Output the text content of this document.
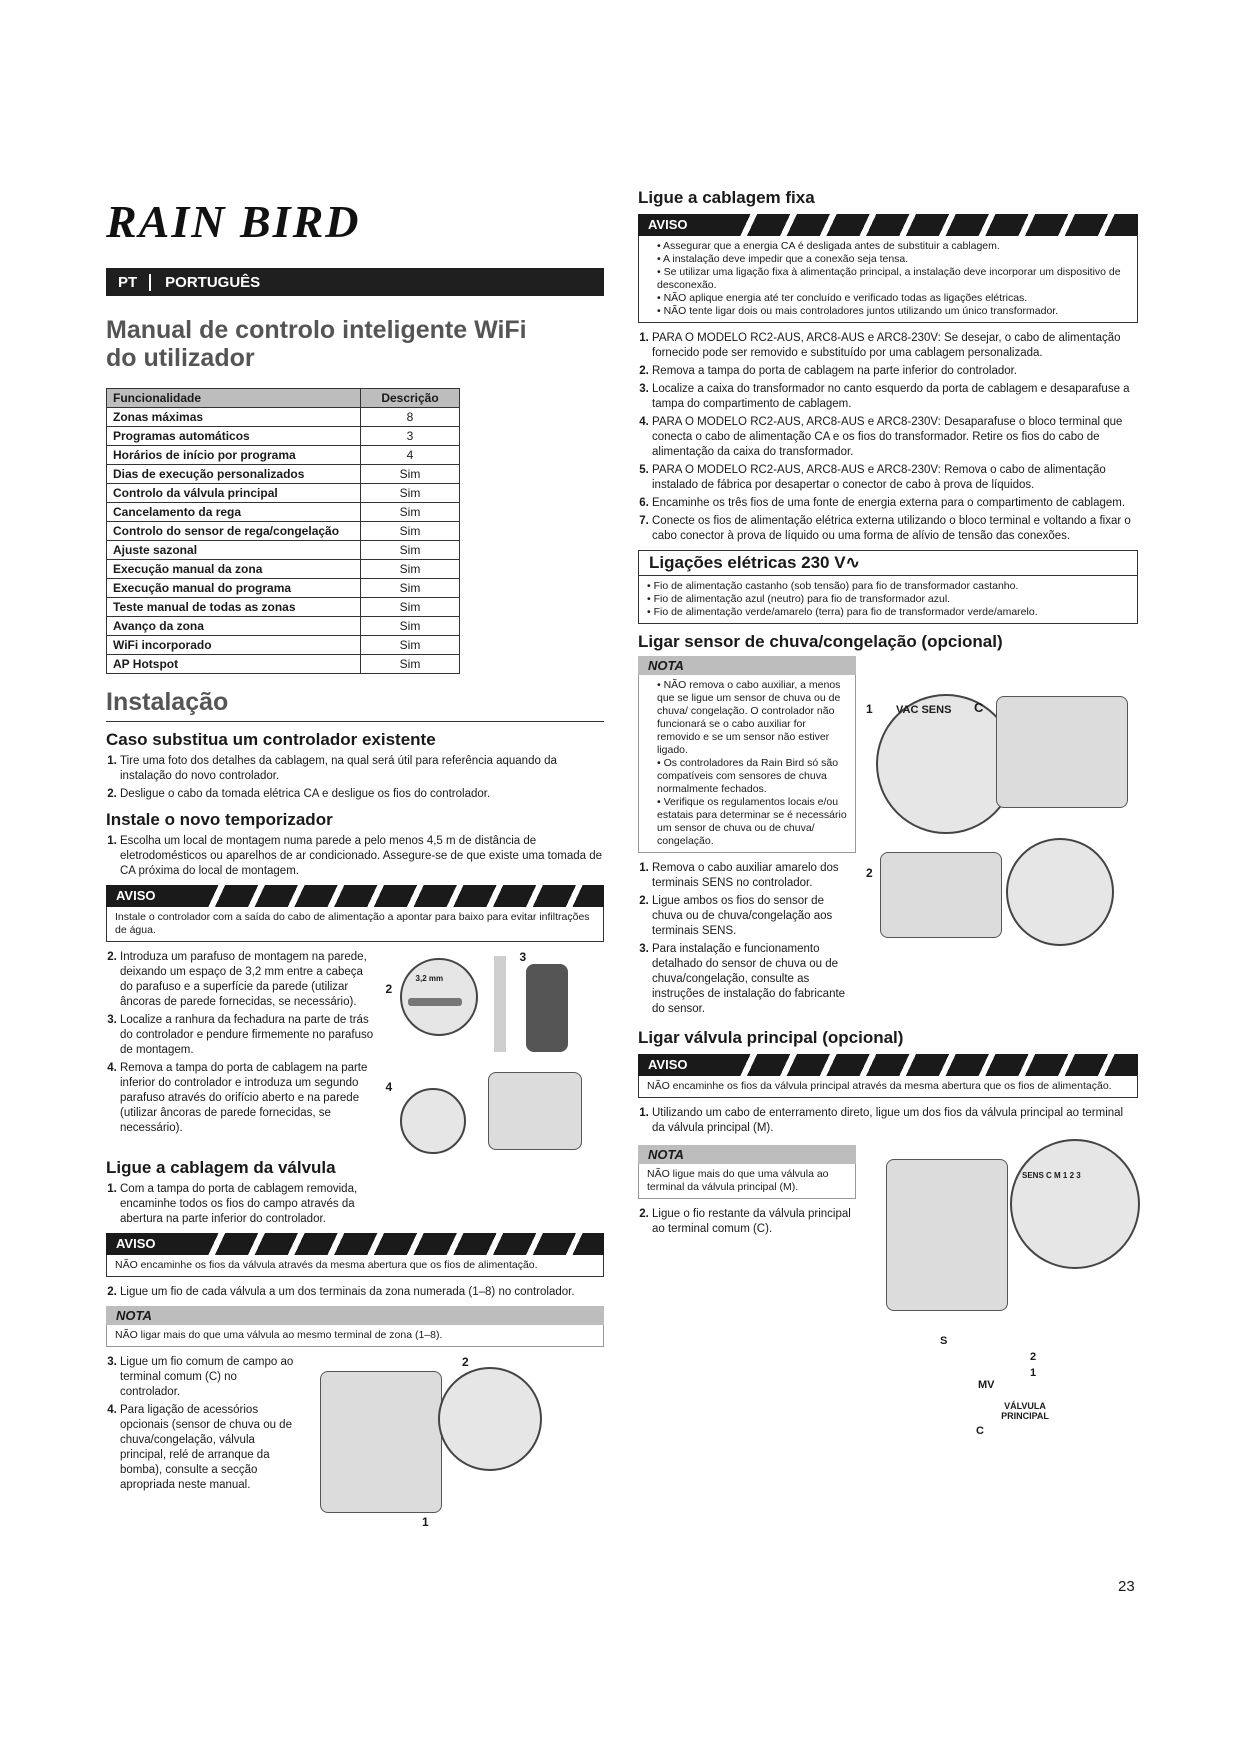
RAIN BIRD
PT	PORTUGUÊS
Manual de controlo inteligente WiFi
do utilizador
Funcionalidade	Descrição
Zonas máximas	8
Programas automáticos	3
Horários de início por programa	4
Dias de execução personalizados	Sim
Controlo da válvula principal	Sim
Cancelamento da rega	Sim
Controlo do sensor de rega/congelação	Sim
Ajuste sazonal	Sim
Execução manual da zona	Sim
Execução manual do programa	Sim
Teste manual de todas as zonas	Sim
Avanço da zona	Sim
WiFi incorporado	Sim
AP Hotspot	Sim
Instalação
Caso substitua um controlador existente
1. Tire uma foto dos detalhes da cablagem, na qual será útil para referência aquando da instalação do novo controlador.
2. Desligue o cabo da tomada elétrica CA e desligue os fios do controlador.
Instale o novo temporizador
1. Escolha um local de montagem numa parede a pelo menos 4,5 m de distância de eletrodomésticos ou aparelhos de ar condicionado. Assegure-se de que existe uma tomada de CA próxima do local de montagem.
AVISO
Instale o controlador com a saída do cabo de alimentação a apontar para baixo para evitar infiltrações de água.
2. Introduza um parafuso de montagem na parede, deixando um espaço de 3,2 mm entre a cabeça do parafuso e a superfície da parede (utilizar âncoras de parede fornecidas, se necessário).
3. Localize a ranhura da fechadura na parte de trás do controlador e pendure firmemente no parafuso de montagem.
4. Remova a tampa do porta de cablagem na parte inferior do controlador e introduza um segundo parafuso através do orifício aberto e na parede (utilizar âncoras de parede fornecidas, se necessário).
2
3,2 mm
3
4
Ligue a cablagem da válvula
1. Com a tampa do porta de cablagem removida, encaminhe todos os fios do campo através da abertura na parte inferior do controlador.
AVISO
NÃO encaminhe os fios da válvula através da mesma abertura que os fios de alimentação.
2. Ligue um fio de cada válvula a um dos terminais da zona numerada (1–8) no controlador.
NOTA
NÃO ligar mais do que uma válvula ao mesmo terminal de zona (1–8).
3. Ligue um fio comum de campo ao terminal comum (C) no controlador.
4. Para ligação de acessórios opcionais (sensor de chuva ou de chuva/congelação, válvula principal, relé de arranque da bomba), consulte a secção apropriada neste manual.
2
1
Ligue a cablagem fixa
AVISO
• Assegurar que a energia CA é desligada antes de substituir a cablagem.
• A instalação deve impedir que a conexão seja tensa.
• Se utilizar uma ligação fixa à alimentação principal, a instalação deve incorporar um dispositivo de desconexão.
• NÃO aplique energia até ter concluído e verificado todas as ligações elétricas.
• NÃO tente ligar dois ou mais controladores juntos utilizando um único transformador.
1. PARA O MODELO RC2-AUS, ARC8-AUS e ARC8-230V: Se desejar, o cabo de alimentação fornecido pode ser removido e substituído por uma cablagem personalizada.
2. Remova a tampa do porta de cablagem na parte inferior do controlador.
3. Localize a caixa do transformador no canto esquerdo da porta de cablagem e desaparafuse a tampa do compartimento de cablagem.
4. PARA O MODELO RC2-AUS, ARC8-AUS e ARC8-230V: Desaparafuse o bloco terminal que conecta o cabo de alimentação CA e os fios do transformador. Retire os fios do cabo de alimentação da caixa do transformador.
5. PARA O MODELO RC2-AUS, ARC8-AUS e ARC8-230V: Remova o cabo de alimentação instalado de fábrica por desapertar o conector de cabo à prova de líquidos.
6. Encaminhe os três fios de uma fonte de energia externa para o compartimento de cablagem.
7. Conecte os fios de alimentação elétrica externa utilizando o bloco terminal e voltando a fixar o cabo conector à prova de líquido ou uma forma de alívio de tensão das conexões.
Ligações elétricas 230 V∿
• Fio de alimentação castanho (sob tensão) para fio de transformador castanho.
• Fio de alimentação azul (neutro) para fio de transformador azul.
• Fio de alimentação verde/amarelo (terra) para fio de transformador verde/amarelo.
Ligar sensor de chuva/congelação (opcional)
NOTA
• NÃO remova o cabo auxiliar, a menos que se ligue um sensor de chuva ou de chuva/ congelação. O controlador não funcionará se o cabo auxiliar for removido e se um sensor não estiver ligado.
• Os controladores da Rain Bird só são compatíveis com sensores de chuva normalmente fechados.
• Verifique os regulamentos locais e/ou estatais para determinar se é necessário um sensor de chuva ou de chuva/ congelação.
1. Remova o cabo auxiliar amarelo dos terminais SENS no controlador.
2. Ligue ambos os fios do sensor de chuva ou de chuva/congelação aos terminais SENS.
3. Para instalação e funcionamento detalhado do sensor de chuva ou de chuva/congelação, consulte as instruções de instalação do fabricante do sensor.
1 VAC SENS C
2
Ligar válvula principal (opcional)
AVISO
NÃO encaminhe os fios da válvula principal através da mesma abertura que os fios de alimentação.
1. Utilizando um cabo de enterramento direto, ligue um dos fios da válvula principal ao terminal da válvula principal (M).
NOTA
NÃO ligue mais do que uma válvula ao terminal da válvula principal (M).
2. Ligue o fio restante da válvula principal ao terminal comum (C).
SENS C M 1 2 3
S
2
1
MV
VÁLVULA PRINCIPAL
C
23
